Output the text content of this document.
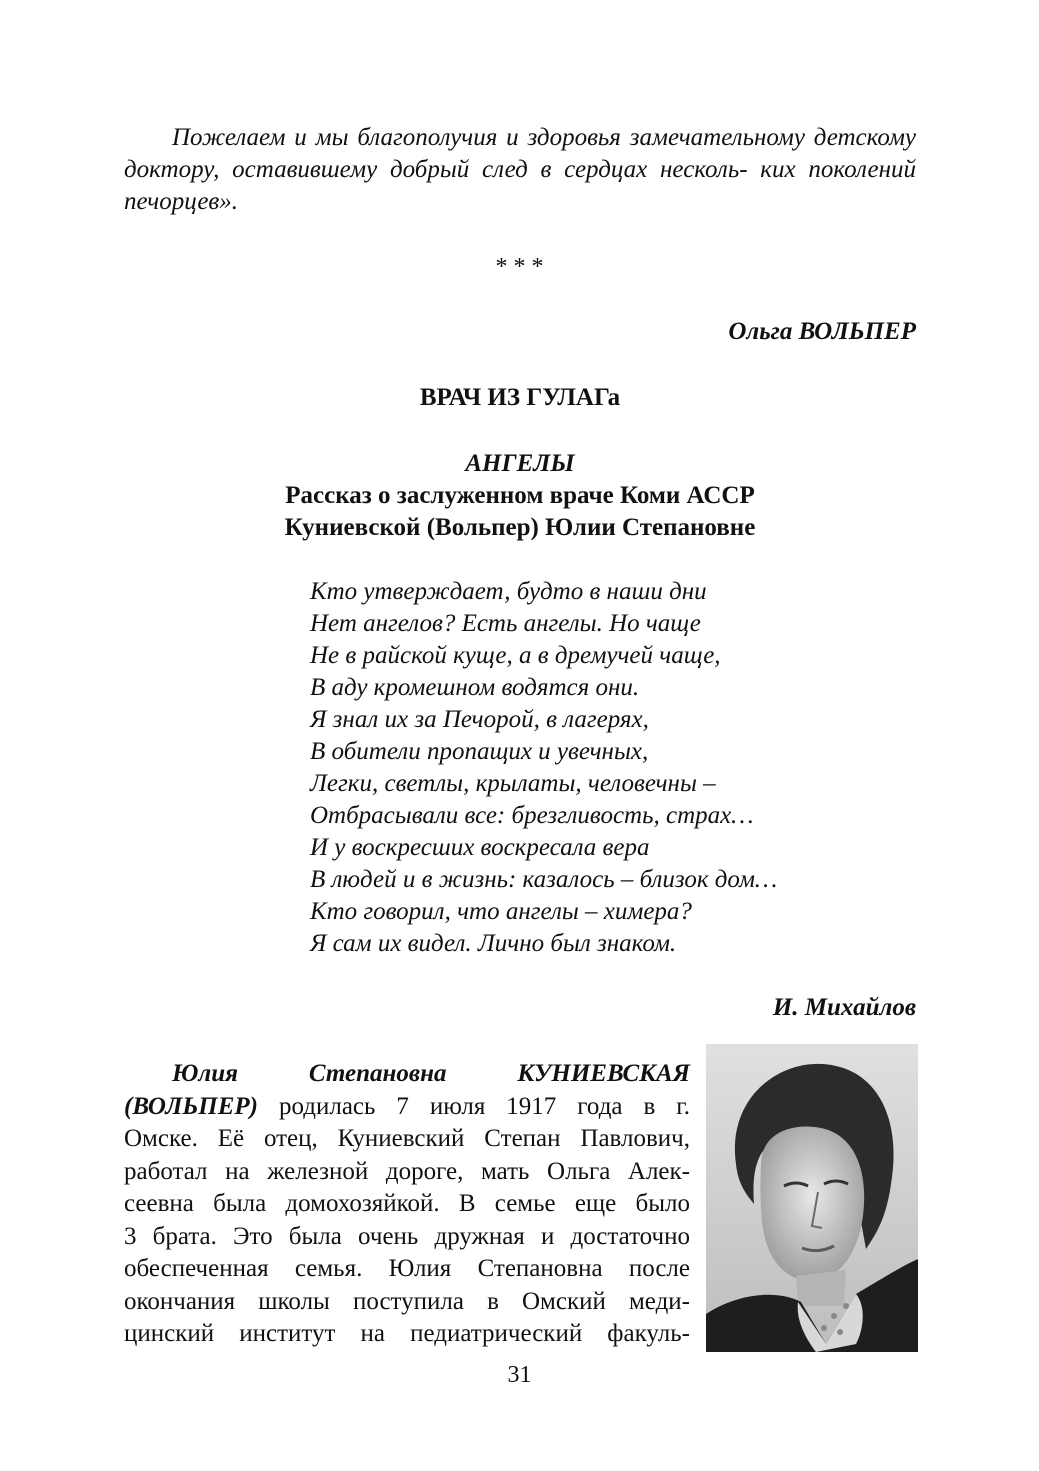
Пожелаем и мы благополучия и здоровья замечательному детскому доктору, оставившему добрый след в сердцах несколь- ких поколений печорцев».
* * *
Ольга ВОЛЬПЕР
ВРАЧ ИЗ ГУЛАГа
АНГЕЛЫ
Рассказ о заслуженном враче Коми АССР
Куниевской (Вольпер) Юлии Степановне
Кто утверждает, будто в наши дни
Нет ангелов? Есть ангелы. Но чаще
Не в райской куще, а в дремучей чаще,
В аду кромешном водятся они.
Я знал их за Печорой, в лагерях,
В обители пропащих и увечных,
Легки, светлы, крылаты, человечны –
Отбрасывали все: брезгливость, страх…
И у воскресших воскресала вера
В людей и в жизнь: казалось – близок дом…
Кто говорил, что ангелы – химера?
Я сам их видел. Лично был знаком.
И. Михайлов
Юлия Степановна КУНИЕВСКАЯ
(ВОЛЬПЕР) родилась 7 июля 1917 года в г.
Омске. Её отец, Куниевский Степан Павлович,
работал на железной дороге, мать Ольга Алек-
сеевна была домохозяйкой. В семье еще было
3 брата. Это была очень дружная и достаточно
обеспеченная семья. Юлия Степановна после
окончания школы поступила в Омский меди-
цинский институт на педиатрический факуль-
31
